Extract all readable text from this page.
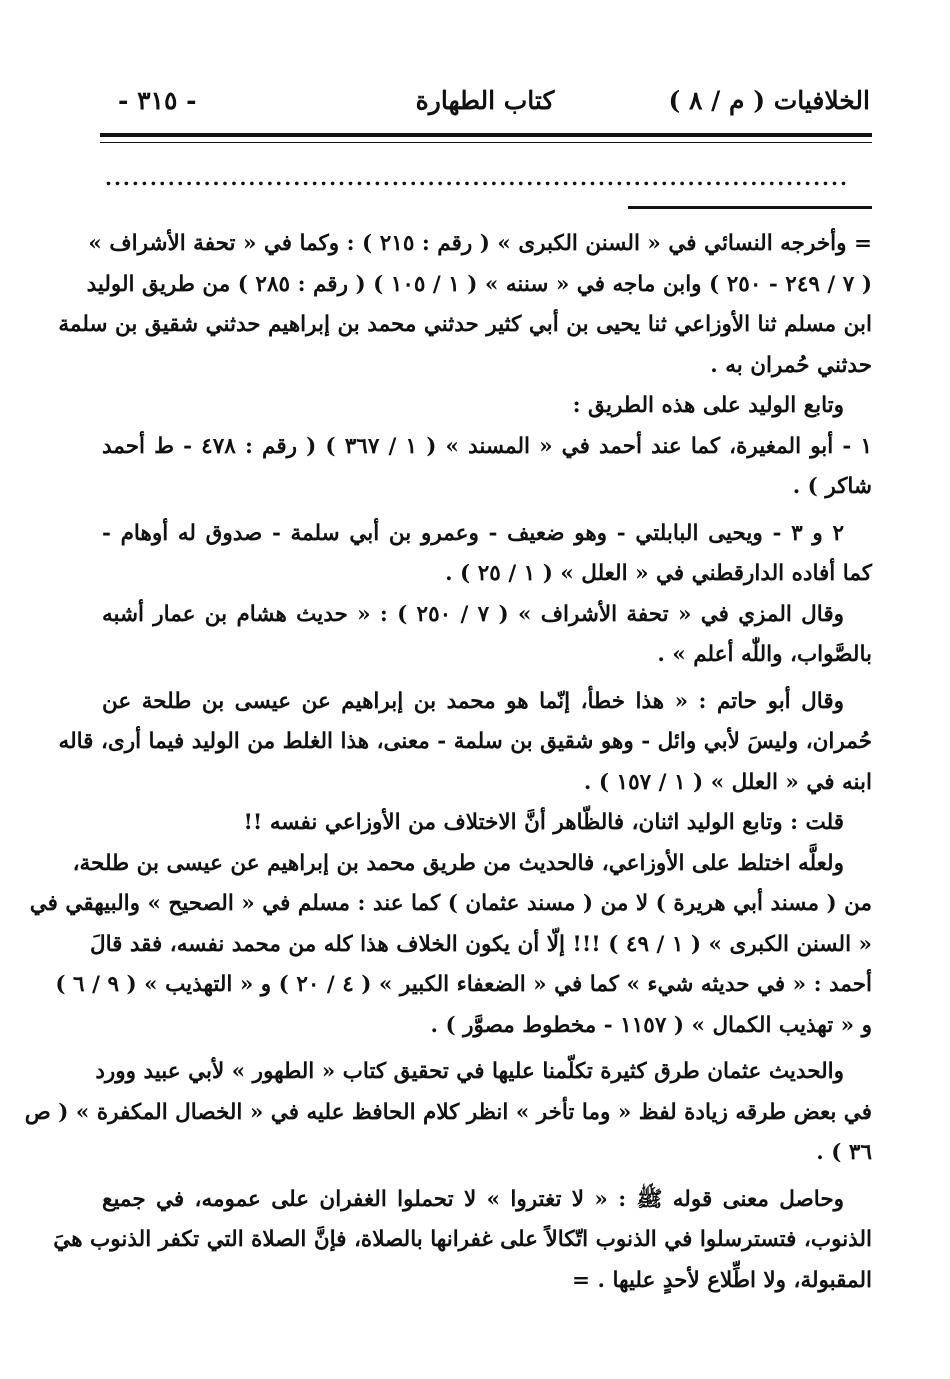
الخلافيات ( م / ٨ )
كتاب الطهارة
- ٣١٥ -
...................................................................................
= وأخرجه النسائي في « السنن الكبرى » ( رقم : ٢١٥ ) : وكما في « تحفة الأشراف »
( ٧ / ٢٤٩ - ٢٥٠ ) وابن ماجه في « سننه » ( ١ / ١٠٥ ) ( رقم : ٢٨٥ ) من طريق الوليد
ابن مسلم ثنا الأوزاعي ثنا يحيى بن أبي كثير حدثني محمد بن إبراهيم حدثني شقيق بن سلمة
حدثني حُمران به .
وتابع الوليد على هذه الطريق :
١ - أبو المغيرة، كما عند أحمد في « المسند » ( ١ / ٣٦٧ ) ( رقم : ٤٧٨ - ط أحمد
شاكر ) .
٢ و ٣ - ويحيى البابلتي - وهو ضعيف - وعمرو بن أبي سلمة - صدوق له أوهام -
كما أفاده الدارقطني في « العلل » ( ١ / ٢٥ ) .
وقال المزي في « تحفة الأشراف » ( ٧ / ٢٥٠ ) : « حديث هشام بن عمار أشبه
بالصَّواب، واللّٰه أعلم » .
وقال أبو حاتم : « هذا خطأ، إنّما هو محمد بن إبراهيم عن عيسى بن طلحة عن
حُمران، وليسَ لأبي وائل - وهو شقيق بن سلمة - معنى، هذا الغلط من الوليد فيما أرى، قاله
ابنه في « العلل » ( ١ / ١٥٧ ) .
قلت : وتابع الوليد اثنان، فالظّاهر أنَّ الاختلاف من الأوزاعي نفسه !!
ولعلَّه اختلط على الأوزاعي، فالحديث من طريق محمد بن إبراهيم عن عيسى بن طلحة،
من ( مسند أبي هريرة ) لا من ( مسند عثمان ) كما عند : مسلم في « الصحيح » والبيهقي في
« السنن الكبرى » ( ١ / ٤٩ ) !!! إلّا أن يكون الخلاف هذا كله من محمد نفسه، فقد قالَ
أحمد : « في حديثه شيء » كما في « الضعفاء الكبير » ( ٤ / ٢٠ ) و « التهذيب » ( ٩ / ٦ )
و « تهذيب الكمال » ( ١١٥٧ - مخطوط مصوَّر ) .
والحديث عثمان طرق كثيرة تكلّمنا عليها في تحقيق كتاب « الطهور » لأبي عبيد وورد
في بعض طرقه زيادة لفظ « وما تأخر » انظر كلام الحافظ عليه في « الخصال المكفرة » ( ص
٣٦ ) .
وحاصل معنى قوله ﷺ : « لا تغتروا » لا تحملوا الغفران على عمومه، في جميع
الذنوب، فتسترسلوا في الذنوب اتّكالاً على غفرانها بالصلاة، فإنَّ الصلاة التي تكفر الذنوب هيَ
المقبولة، ولا اطِّلاع لأحدٍ عليها . =
